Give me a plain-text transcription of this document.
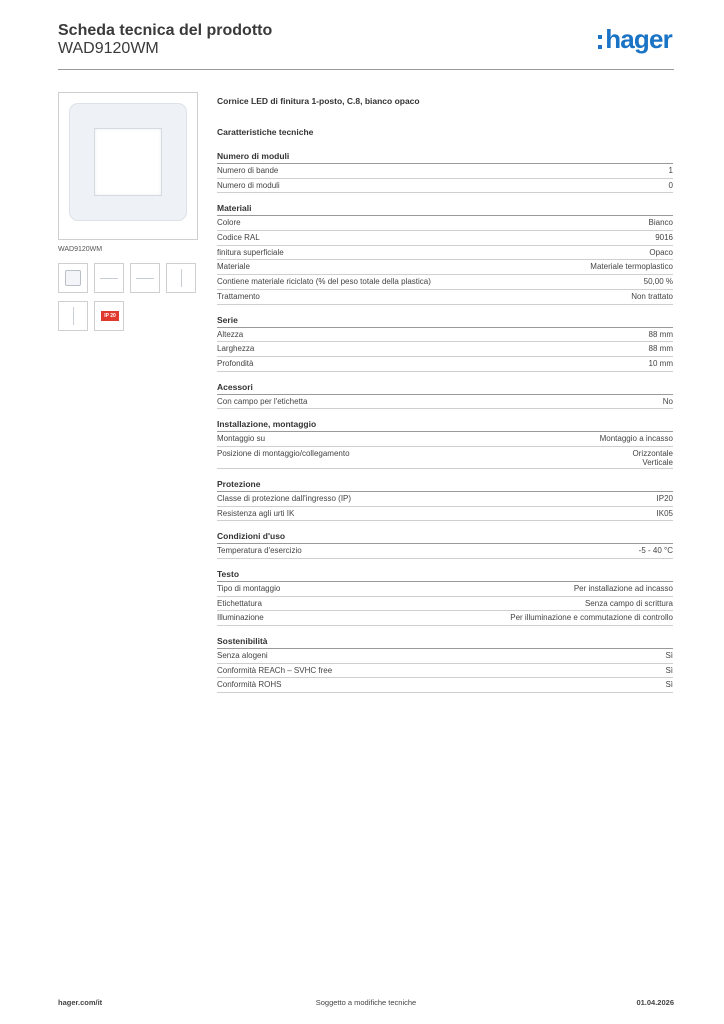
Scheda tecnica del prodotto
WAD9120WM	hager
WAD9120WM
IP 20
Cornice LED di finitura 1-posto, C.8, bianco opaco
Caratteristiche tecniche
Numero di moduli
Numero di bande	1
Numero di moduli	0
Materiali
Colore	Bianco
Codice RAL	9016
finitura superficiale	Opaco
Materiale	Materiale termoplastico
Contiene materiale riciclato (% del peso totale della plastica)	50,00 %
Trattamento	Non trattato
Serie
Altezza	88 mm
Larghezza	88 mm
Profondità	10 mm
Acessori
Con campo per l'etichetta	No
Installazione, montaggio
Montaggio su	Montaggio a incasso
Posizione di montaggio/collegamento	Orizzontale
Verticale
Protezione
Classe di protezione dall'ingresso (IP)	IP20
Resistenza agli urti IK	IK05
Condizioni d'uso
Temperatura d'esercizio	-5 - 40 °C
Testo
Tipo di montaggio	Per installazione ad incasso
Etichettatura	Senza campo di scrittura
Illuminazione	Per illuminazione e commutazione di controllo
Sostenibilità
Senza alogeni	Sì
Conformità REACh – SVHC free	Sì
Conformità ROHS	Sì
hager.com/it	Soggetto a modifiche tecniche	01.04.2026
